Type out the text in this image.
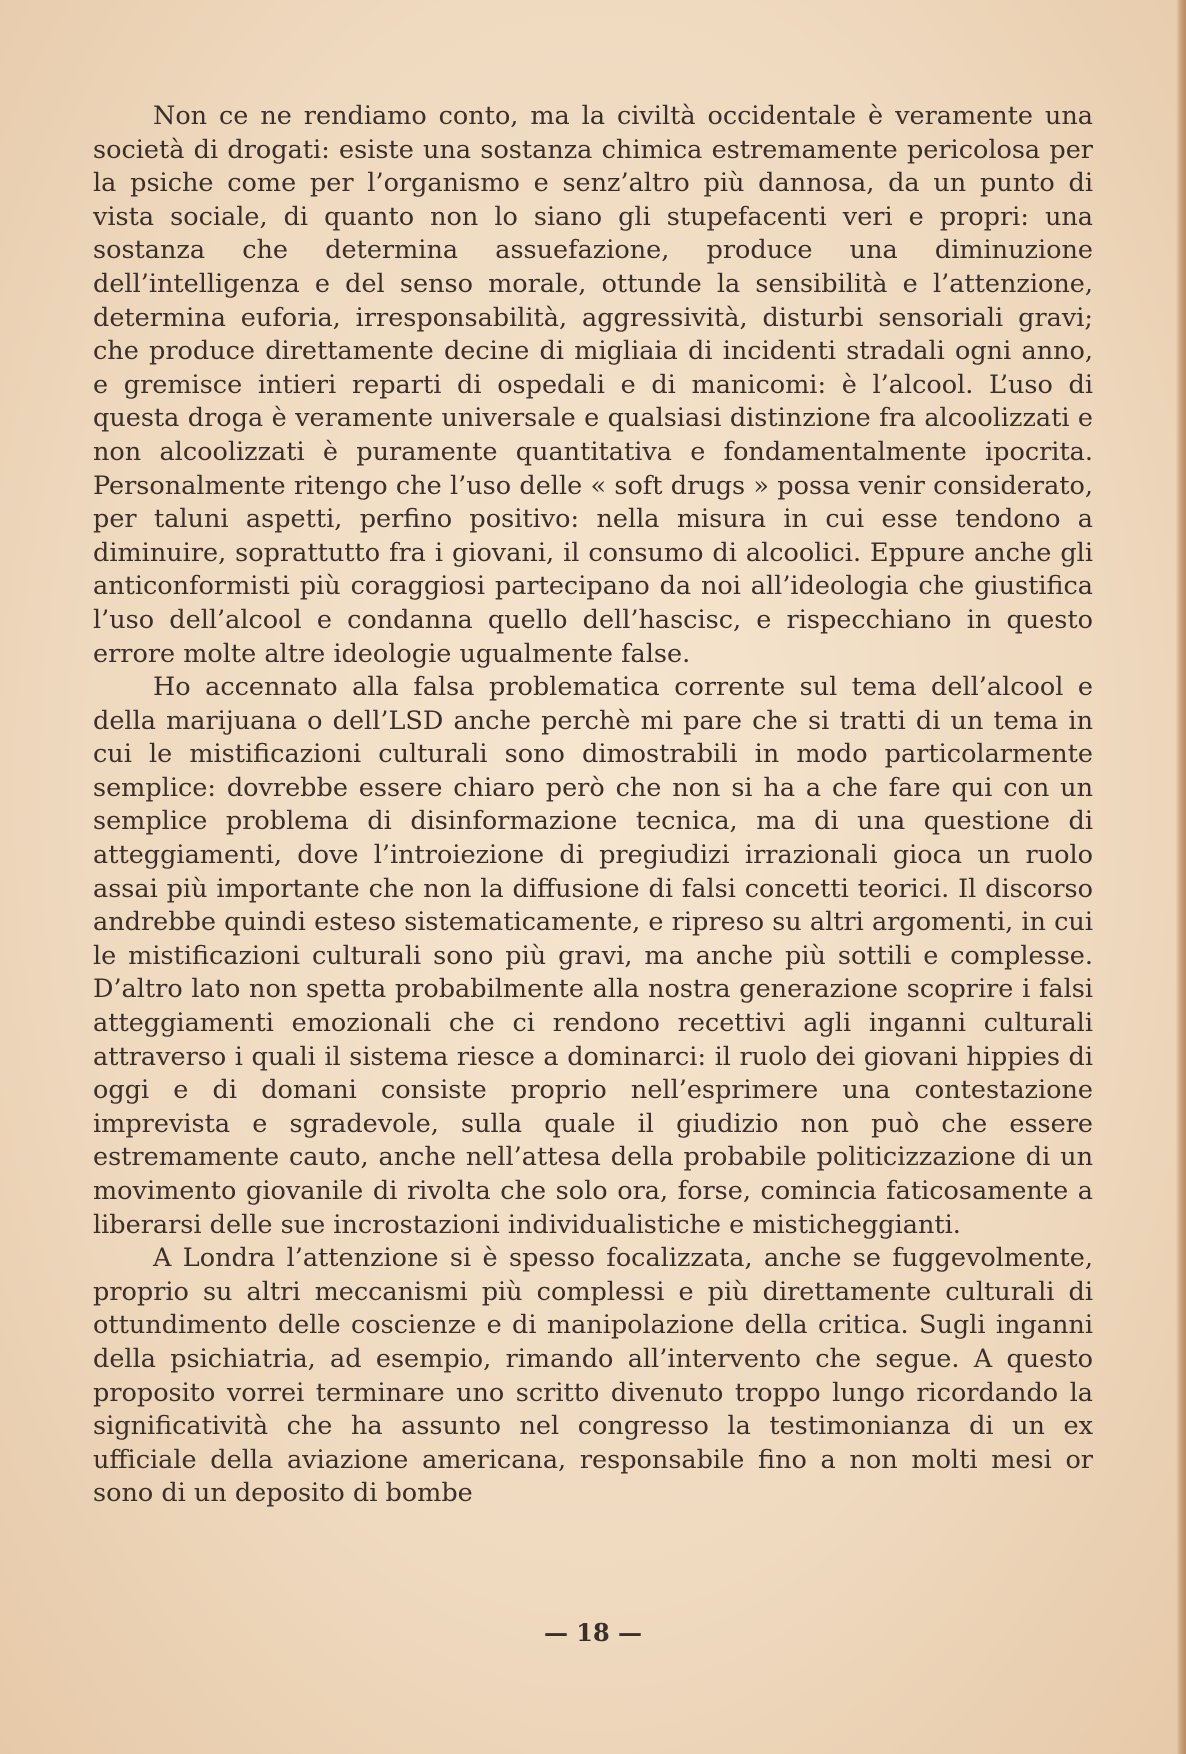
Non ce ne rendiamo conto, ma la civiltà occidentale è veramente una società di drogati: esiste una sostanza chimica estremamente pericolosa per la psiche come per l’organismo e senz’altro più dannosa, da un punto di vista sociale, di quanto non lo siano gli stupefacenti veri e propri: una sostanza che determina assuefazione, produce una diminuzione dell’intelligenza e del senso morale, ottunde la sensibilità e l’attenzione, determina euforia, irresponsabilità, aggressività, disturbi sensoriali gravi; che produce direttamente decine di migliaia di incidenti stradali ogni anno, e gremisce intieri reparti di ospedali e di manicomi: è l’alcool. L’uso di questa droga è veramente universale e qualsiasi distinzione fra alcoolizzati e non alcoolizzati è puramente quantitativa e fondamentalmente ipocrita. Personalmente ritengo che l’uso delle « soft drugs » possa venir considerato, per taluni aspetti, perfino positivo: nella misura in cui esse tendono a diminuire, soprattutto fra i giovani, il consumo di alcoolici. Eppure anche gli anticonformisti più coraggiosi partecipano da noi all’ideologia che giustifica l’uso dell’alcool e condanna quello dell’hascisc, e rispecchiano in questo errore molte altre ideologie ugualmente false.

Ho accennato alla falsa problematica corrente sul tema dell’alcool e della marijuana o dell’LSD anche perchè mi pare che si tratti di un tema in cui le mistificazioni culturali sono dimostrabili in modo particolarmente semplice: dovrebbe essere chiaro però che non si ha a che fare qui con un semplice problema di disinformazione tecnica, ma di una questione di atteggiamenti, dove l’introiezione di pregiudizi irrazionali gioca un ruolo assai più importante che non la diffusione di falsi concetti teorici. Il discorso andrebbe quindi esteso sistematicamente, e ripreso su altri argomenti, in cui le mistificazioni culturali sono più gravi, ma anche più sottili e complesse. D’altro lato non spetta probabilmente alla nostra generazione scoprire i falsi atteggiamenti emozionali che ci rendono recettivi agli inganni culturali attraverso i quali il sistema riesce a dominarci: il ruolo dei giovani hippies di oggi e di domani consiste proprio nell’esprimere una contestazione imprevista e sgradevole, sulla quale il giudizio non può che essere estremamente cauto, anche nell’attesa della probabile politicizzazione di un movimento giovanile di rivolta che solo ora, forse, comincia faticosamente a liberarsi delle sue incrostazioni individualistiche e misticheggianti.

A Londra l’attenzione si è spesso focalizzata, anche se fuggevolmente, proprio su altri meccanismi più complessi e più direttamente culturali di ottundimento delle coscienze e di manipolazione della critica. Sugli inganni della psichiatria, ad esempio, rimando all’intervento che segue. A questo proposito vorrei terminare uno scritto divenuto troppo lungo ricordando la significatività che ha assunto nel congresso la testimonianza di un ex ufficiale della aviazione americana, responsabile fino a non molti mesi or sono di un deposito di bombe

— 18 —
